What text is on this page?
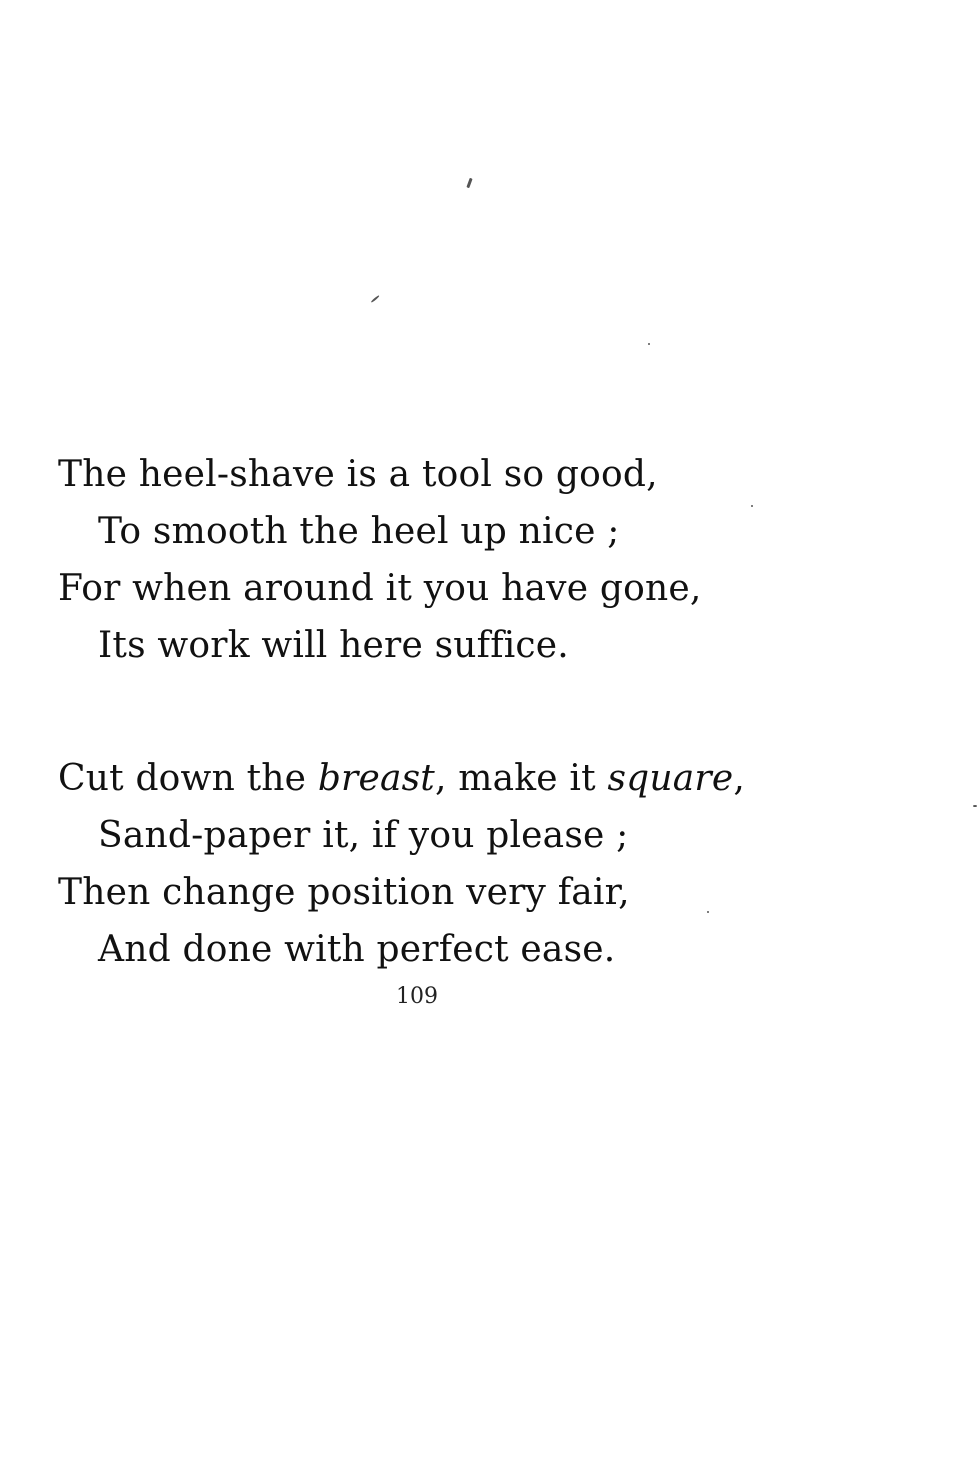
The heel-shave is a tool so good,
To smooth the heel up nice ;
For when around it you have gone,
Its work will here suffice.
Cut down the breast, make it square,
Sand-paper it, if you please ;
Then change position very fair,
And done with perfect ease.
109
